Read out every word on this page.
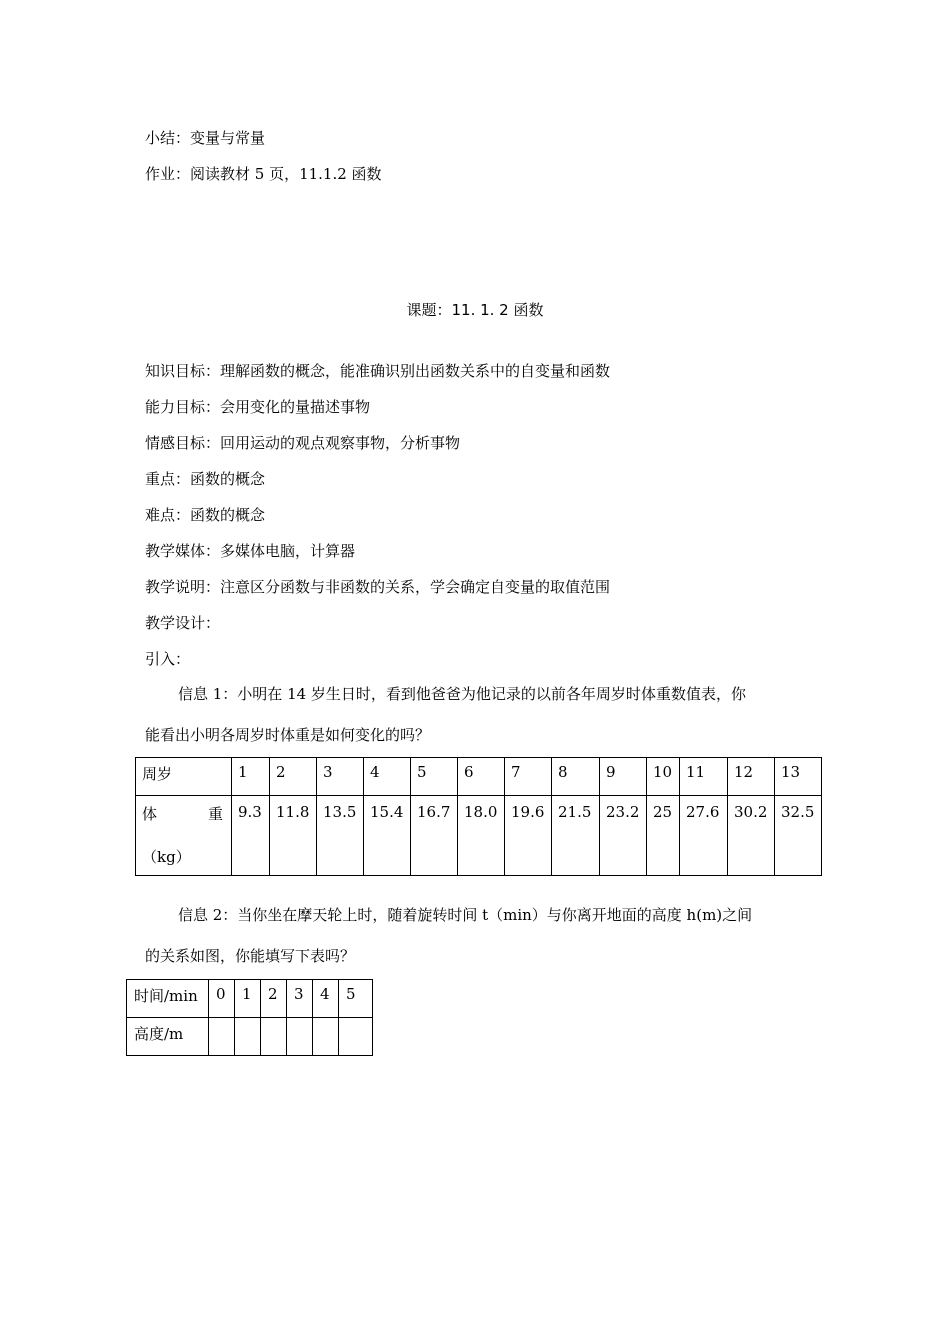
小结：变量与常量
作业：阅读教材 5 页，11.1.2 函数
课题：11. 1. 2 函数
知识目标：理解函数的概念，能准确识别出函数关系中的自变量和函数
能力目标：会用变化的量描述事物
情感目标：回用运动的观点观察事物，分析事物
重点：函数的概念
难点：函数的概念
教学媒体：多媒体电脑，计算器
教学说明：注意区分函数与非函数的关系，学会确定自变量的取值范围
教学设计：
引入：
信息 1：小明在 14 岁生日时，看到他爸爸为他记录的以前各年周岁时体重数值表，你
能看出小明各周岁时体重是如何变化的吗？
周岁	1	2	3	4	5	6	7	8	9	10	11	12	13

体 重
（kg）	9.3	11.8	13.5	15.4	16.7	18.0	19.6	21.5	23.2	25	27.6	30.2	32.5
信息 2：当你坐在摩天轮上时，随着旋转时间 t（min）与你离开地面的高度 h(m)之间
的关系如图，你能填写下表吗？
时间/min	0	1	2	3	4	5
高度/m						
